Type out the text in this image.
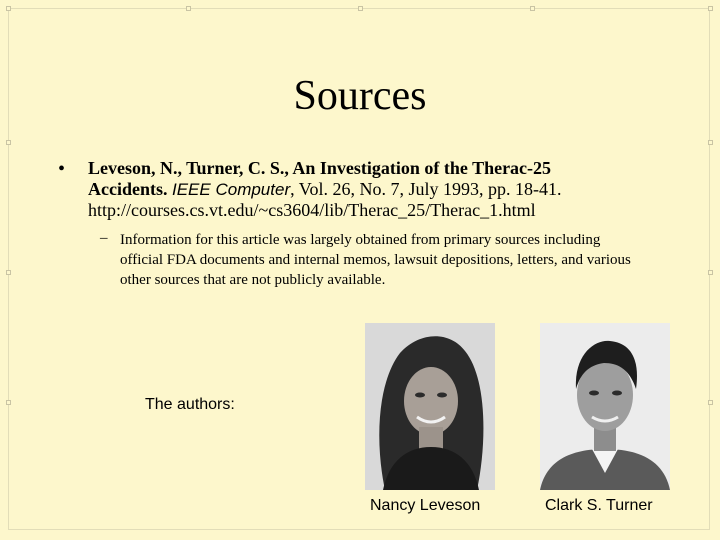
Sources
• Leveson, N., Turner, C. S., An Investigation of the Therac-25
Accidents. IEEE Computer, Vol. 26, No. 7, July 1993, pp. 18-41.
http://courses.cs.vt.edu/~cs3604/lib/Therac_25/Therac_1.html
– Information for this article was largely obtained from primary sources including official FDA documents and internal memos, lawsuit depositions, letters, and various other sources that are not publicly available.
The authors:
Nancy Leveson	Clark S. Turner
